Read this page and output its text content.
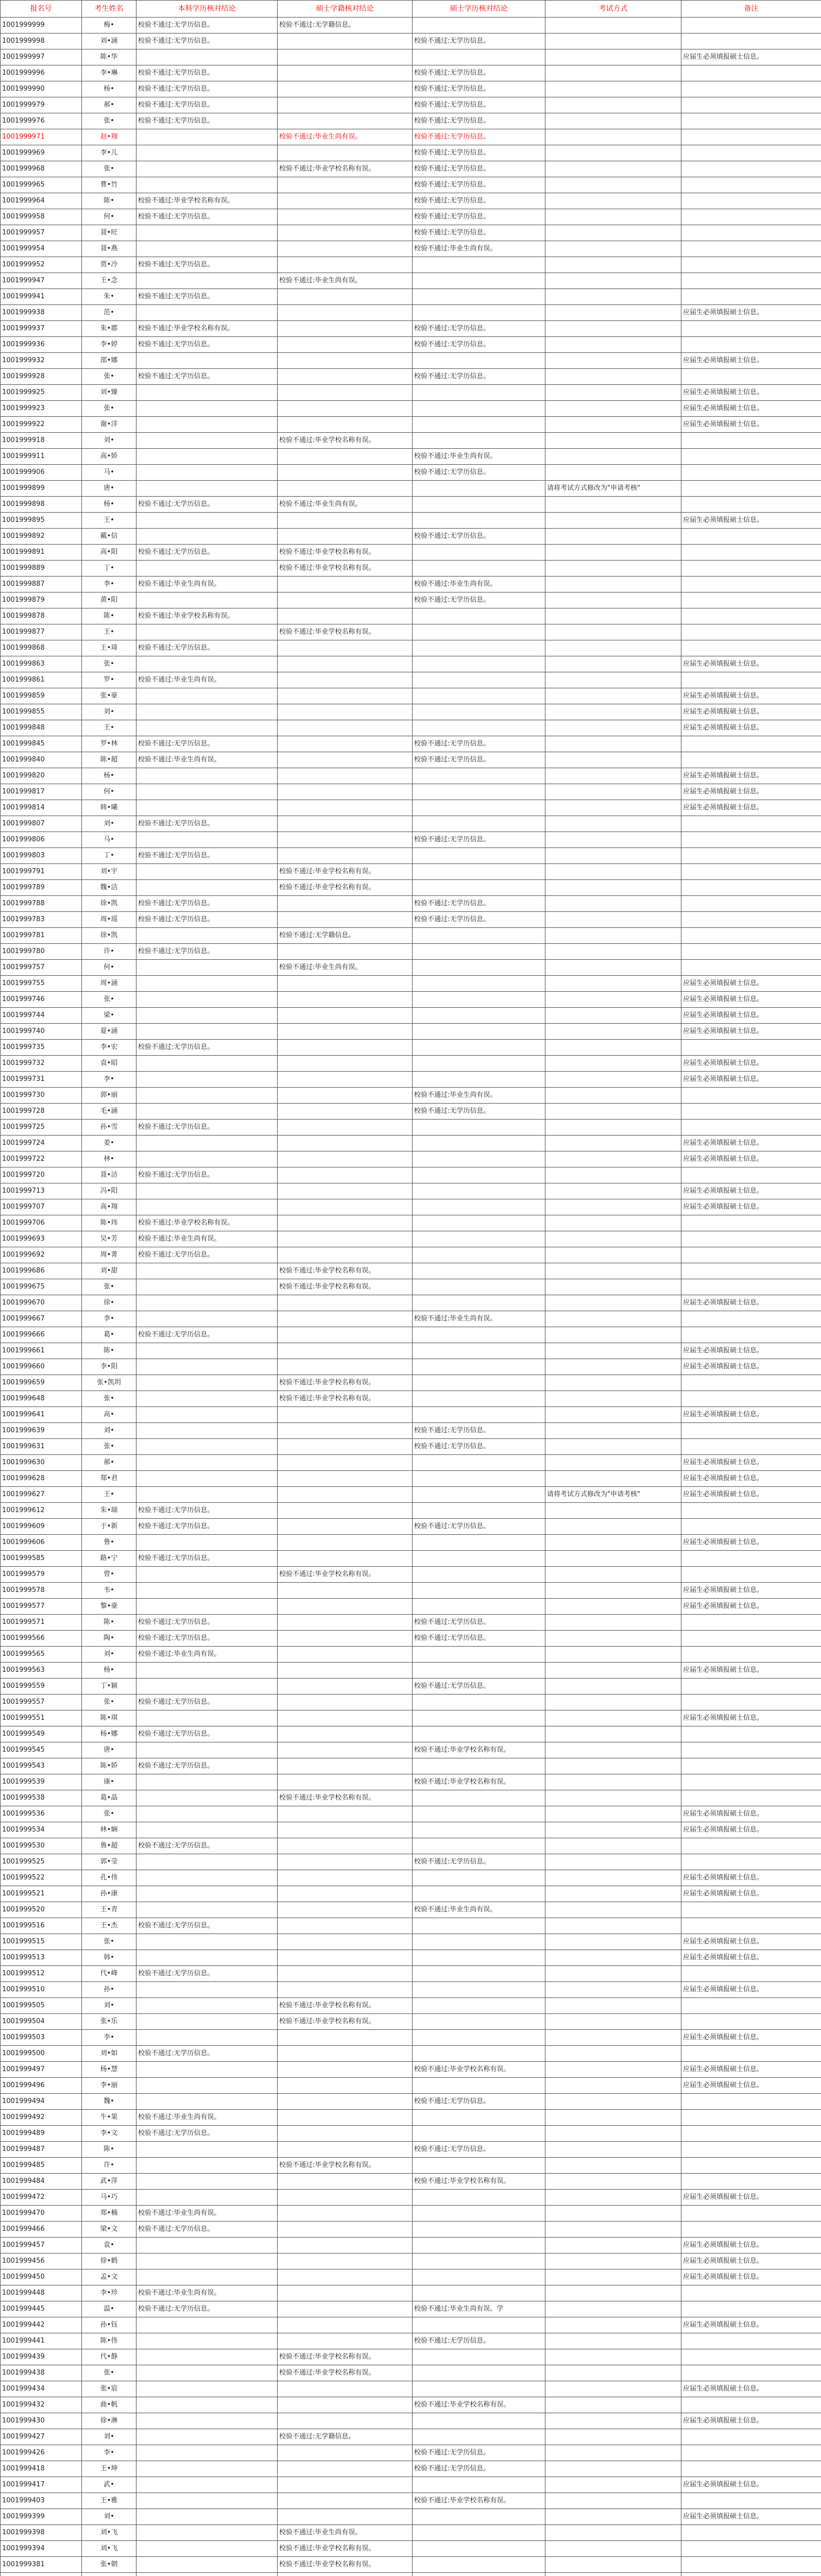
报名号	考生姓名	本科学历核对结论	硕士学籍核对结论	硕士学历核对结论	考试方式	备注
1001999999	梅•	校验不通过:无学历信息。	校验不通过:无学籍信息。			
1001999998	刘•涵	校验不通过:无学历信息。		校验不通过:无学历信息。		
1001999997	陈•华					应届生必须填报硕士信息。
1001999996	李•琳	校验不通过:无学历信息。		校验不通过:无学历信息。		
1001999990	杨•	校验不通过:无学历信息。		校验不通过:无学历信息。		
1001999979	郝•	校验不通过:无学历信息。		校验不通过:无学历信息。		
1001999976	张•	校验不通过:无学历信息。		校验不通过:无学历信息。		
1001999971	赵•翔		校验不通过:毕业生尚有误。	校验不通过:无学历信息。		
1001999969	李•儿			校验不通过:无学历信息。		
1001999968	张•		校验不通过:毕业学校名称有误。	校验不通过:无学历信息。		
1001999965	曹•竹			校验不通过:无学历信息。		
1001999964	陈•	校验不通过:毕业学校名称有误。		校验不通过:无学历信息。		
1001999958	何•	校验不通过:无学历信息。		校验不通过:无学历信息。		
1001999957	聂•旺			校验不通过:无学历信息。		
1001999954	聂•燕			校验不通过:毕业生尚有误。		
1001999952	贾•冷	校验不通过:无学历信息。				
1001999947	王•念		校验不通过:毕业生尚有误。			
1001999941	朱•	校验不通过:无学历信息。				
1001999938	范•					应届生必须填报硕士信息。
1001999937	朱•郡	校验不通过:毕业学校名称有误。		校验不通过:无学历信息。		
1001999936	李•婷	校验不通过:无学历信息。		校验不通过:无学历信息。		
1001999932	邵•娜					应届生必须填报硕士信息。
1001999928	张•	校验不通过:无学历信息。		校验不通过:无学历信息。		
1001999925	刘•臻					应届生必须填报硕士信息。
1001999923	张•					应届生必须填报硕士信息。
1001999922	谢•洋					应届生必须填报硕士信息。
1001999918	刘•		校验不通过:毕业学校名称有误。			
1001999911	高•娇			校验不通过:毕业生尚有误。		
1001999906	马•			校验不通过:无学历信息。		
1001999899	唐•				请将考试方式修改为"申请考核"	
1001999898	杨•	校验不通过:无学历信息。	校验不通过:毕业生尚有误。			
1001999895	王•					应届生必须填报硕士信息。
1001999892	戴•信			校验不通过:无学历信息。		
1001999891	高•阳	校验不通过:无学历信息。	校验不通过:毕业学校名称有误。			
1001999889	丁•		校验不通过:毕业学校名称有误。			
1001999887	李•	校验不通过:毕业生尚有误。		校验不通过:毕业生尚有误。		
1001999879	黄•阳			校验不通过:无学历信息。		
1001999878	陈•	校验不通过:毕业学校名称有误。				
1001999877	王•		校验不通过:毕业学校名称有误。			
1001999868	王•琦	校验不通过:无学历信息。				
1001999863	张•					应届生必须填报硕士信息。
1001999861	罗•	校验不通过:毕业生尚有误。				
1001999859	张•豪					应届生必须填报硕士信息。
1001999855	刘•					应届生必须填报硕士信息。
1001999848	王•					应届生必须填报硕士信息。
1001999845	罗•林	校验不通过:无学历信息。		校验不通过:无学历信息。		
1001999840	陈•超	校验不通过:毕业生尚有误。		校验不通过:无学历信息。		
1001999820	杨•					应届生必须填报硕士信息。
1001999817	何•					应届生必须填报硕士信息。
1001999814	韩•曦					应届生必须填报硕士信息。
1001999807	刘•	校验不通过:无学历信息。				
1001999806	马•			校验不通过:无学历信息。		
1001999803	丁•	校验不通过:无学历信息。				
1001999791	刘•宇		校验不通过:毕业学校名称有误。			
1001999789	魏•洁		校验不通过:毕业学校名称有误。			
1001999788	徐•凯	校验不通过:无学历信息。		校验不通过:无学历信息。		
1001999783	周•瑶	校验不通过:无学历信息。		校验不通过:无学历信息。		
1001999781	徐•凯		校验不通过:无学籍信息。			
1001999780	许•	校验不通过:无学历信息。				
1001999757	何•		校验不通过:毕业生尚有误。			
1001999755	周•涵					应届生必须填报硕士信息。
1001999746	张•					应届生必须填报硕士信息。
1001999744	梁•					应届生必须填报硕士信息。
1001999740	夏•涵					应届生必须填报硕士信息。
1001999735	李•宏	校验不通过:无学历信息。				
1001999732	袁•昭					应届生必须填报硕士信息。
1001999731	李•					应届生必须填报硕士信息。
1001999730	郭•丽			校验不通过:毕业生尚有误。		
1001999728	毛•涵			校验不通过:无学历信息。		
1001999725	孙•雪	校验不通过:无学历信息。				
1001999724	姜•					应届生必须填报硕士信息。
1001999722	林•					应届生必须填报硕士信息。
1001999720	聂•洁	校验不通过:无学历信息。				
1001999713	冯•阳					应届生必须填报硕士信息。
1001999707	高•翔					应届生必须填报硕士信息。
1001999706	陈•玮	校验不通过:毕业学校名称有误。				
1001999693	吴•芳	校验不通过:毕业生尚有误。				
1001999692	周•菁	校验不通过:无学历信息。				
1001999686	刘•甜		校验不通过:毕业学校名称有误。			
1001999675	张•		校验不通过:毕业学校名称有误。			
1001999670	徐•					应届生必须填报硕士信息。
1001999667	李•			校验不通过:毕业生尚有误。		
1001999666	葛•	校验不通过:无学历信息。				
1001999661	陈•					应届生必须填报硕士信息。
1001999660	李•阳					应届生必须填报硕士信息。
1001999659	张•凯玥		校验不通过:毕业学校名称有误。			
1001999648	张•		校验不通过:毕业学校名称有误。			
1001999641	高•					应届生必须填报硕士信息。
1001999639	刘•			校验不通过:无学历信息。		
1001999631	张•			校验不通过:无学历信息。		
1001999630	郝•					应届生必须填报硕士信息。
1001999628	郑•君					应届生必须填报硕士信息。
1001999627	王•				请将考试方式修改为"申请考核"	应届生必须填报硕士信息。
1001999612	朱•瑞	校验不通过:无学历信息。				
1001999609	于•新	校验不通过:无学历信息。		校验不通过:无学历信息。		
1001999606	鲁•					应届生必须填报硕士信息。
1001999585	路•宁	校验不通过:无学历信息。				
1001999579	曾•		校验不通过:毕业学校名称有误。			
1001999578	韦•					应届生必须填报硕士信息。
1001999577	黎•豪					应届生必须填报硕士信息。
1001999571	陈•	校验不通过:无学历信息。		校验不通过:无学历信息。		
1001999566	陶•	校验不通过:无学历信息。		校验不通过:无学历信息。		
1001999565	刘•	校验不通过:毕业生尚有误。				
1001999563	杨•					应届生必须填报硕士信息。
1001999559	丁•颖			校验不通过:无学历信息。		
1001999557	张•	校验不通过:无学历信息。				
1001999551	陈•琪					应届生必须填报硕士信息。
1001999549	杨•娜	校验不通过:无学历信息。				
1001999545	唐•			校验不通过:毕业学校名称有误。		
1001999543	陈•娇	校验不通过:无学历信息。				
1001999539	康•			校验不通过:毕业学校名称有误。		
1001999538	葛•晶		校验不通过:毕业学校名称有误。			
1001999536	张•					应届生必须填报硕士信息。
1001999534	林•娴					应届生必须填报硕士信息。
1001999530	鲁•超	校验不通过:无学历信息。				
1001999525	郭•莹			校验不通过:无学历信息。		
1001999522	孔•伟					应届生必须填报硕士信息。
1001999521	孙•康					应届生必须填报硕士信息。
1001999520	王•青			校验不通过:毕业生尚有误。		
1001999516	王•杰	校验不通过:无学历信息。				
1001999515	张•					应届生必须填报硕士信息。
1001999513	韩•					应届生必须填报硕士信息。
1001999512	代•峰	校验不通过:无学历信息。				
1001999510	孙•					应届生必须填报硕士信息。
1001999505	刘•		校验不通过:毕业学校名称有误。			
1001999504	张•乐		校验不通过:毕业学校名称有误。			
1001999503	李•					应届生必须填报硕士信息。
1001999500	刘•如	校验不通过:无学历信息。				
1001999497	杨•慧			校验不通过:毕业学校名称有误。		应届生必须填报硕士信息。
1001999496	李•丽					应届生必须填报硕士信息。
1001999494	魏•			校验不通过:无学历信息。		
1001999492	牛•果	校验不通过:毕业生尚有误。				
1001999489	李•文	校验不通过:无学历信息。				
1001999487	陈•			校验不通过:无学历信息。		
1001999485	许•		校验不通过:毕业学校名称有误。			
1001999484	武•萍			校验不通过:毕业学校名称有误。		
1001999472	马•巧					应届生必须填报硕士信息。
1001999470	郑•楠	校验不通过:毕业生尚有误。				
1001999466	梁•文	校验不通过:无学历信息。				
1001999457	袁•					应届生必须填报硕士信息。
1001999456	徐•鹤					应届生必须填报硕士信息。
1001999450	孟•文					应届生必须填报硕士信息。
1001999448	李•珍	校验不通过:毕业生尚有误。				
1001999445	温•	校验不通过:无学历信息。		校验不通过:毕业生尚有误。学		
1001999442	孙•钰					应届生必须填报硕士信息。
1001999441	陈•伟			校验不通过:无学历信息。		
1001999439	代•静		校验不通过:毕业学校名称有误。			
1001999438	张•		校验不通过:毕业学校名称有误。			
1001999434	张•宸					应届生必须填报硕士信息。
1001999432	曲•帆			校验不通过:毕业学校名称有误。		
1001999430	徐•淋					应届生必须填报硕士信息。
1001999427	刘•		校验不通过:无学籍信息。			
1001999426	李•			校验不通过:无学历信息。		
1001999418	王•坤			校验不通过:无学历信息。		
1001999417	武•					应届生必须填报硕士信息。
1001999403	王•雅			校验不通过:毕业学校名称有误。		
1001999399	刘•					应届生必须填报硕士信息。
1001999398	刘•飞		校验不通过:毕业生尚有误。			
1001999394	刘•飞		校验不通过:毕业学校名称有误。			
1001999381	张•朝		校验不通过:毕业学校名称有误。			
